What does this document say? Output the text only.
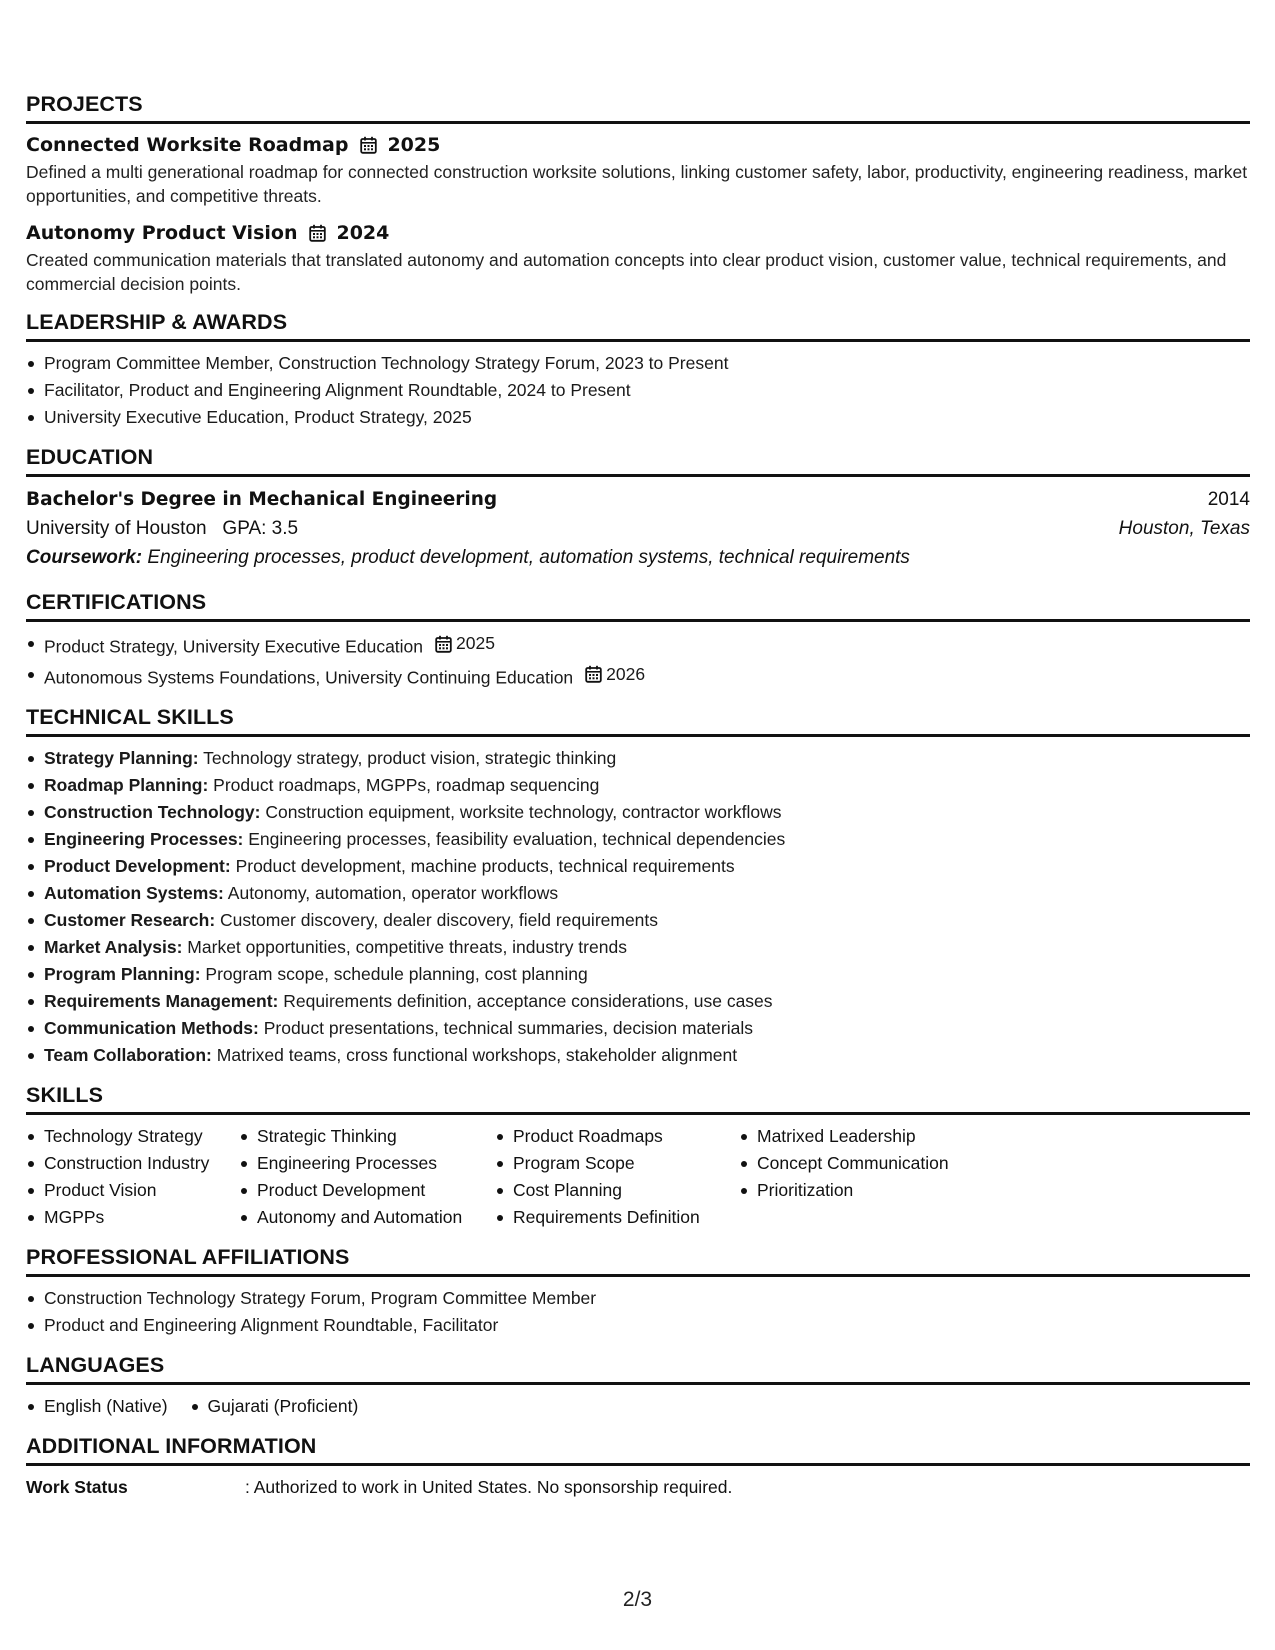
PROJECTS
Connected Worksite Roadmap 2025
Defined a multi generational roadmap for connected construction worksite solutions, linking customer safety, labor, productivity, engineering readiness, market opportunities, and competitive threats.
Autonomy Product Vision 2024
Created communication materials that translated autonomy and automation concepts into clear product vision, customer value, technical requirements, and commercial decision points.
LEADERSHIP & AWARDS
Program Committee Member, Construction Technology Strategy Forum, 2023 to Present
Facilitator, Product and Engineering Alignment Roundtable, 2024 to Present
University Executive Education, Product Strategy, 2025
EDUCATION
Bachelor's Degree in Mechanical Engineering	2014
University of Houston   GPA: 3.5	Houston, Texas
Coursework: Engineering processes, product development, automation systems, technical requirements
CERTIFICATIONS
Product Strategy, University Executive Education 2025
Autonomous Systems Foundations, University Continuing Education 2026
TECHNICAL SKILLS
Strategy Planning: Technology strategy, product vision, strategic thinking
Roadmap Planning: Product roadmaps, MGPPs, roadmap sequencing
Construction Technology: Construction equipment, worksite technology, contractor workflows
Engineering Processes: Engineering processes, feasibility evaluation, technical dependencies
Product Development: Product development, machine products, technical requirements
Automation Systems: Autonomy, automation, operator workflows
Customer Research: Customer discovery, dealer discovery, field requirements
Market Analysis: Market opportunities, competitive threats, industry trends
Program Planning: Program scope, schedule planning, cost planning
Requirements Management: Requirements definition, acceptance considerations, use cases
Communication Methods: Product presentations, technical summaries, decision materials
Team Collaboration: Matrixed teams, cross functional workshops, stakeholder alignment
SKILLS
Technology Strategy
Construction Industry
Product Vision
MGPPs
Strategic Thinking
Engineering Processes
Product Development
Autonomy and Automation
Product Roadmaps
Program Scope
Cost Planning
Requirements Definition
Matrixed Leadership
Concept Communication
Prioritization
PROFESSIONAL AFFILIATIONS
Construction Technology Strategy Forum, Program Committee Member
Product and Engineering Alignment Roundtable, Facilitator
LANGUAGES
English (Native)	Gujarati (Proficient)
ADDITIONAL INFORMATION
Work Status	: Authorized to work in United States. No sponsorship required.
2/3
